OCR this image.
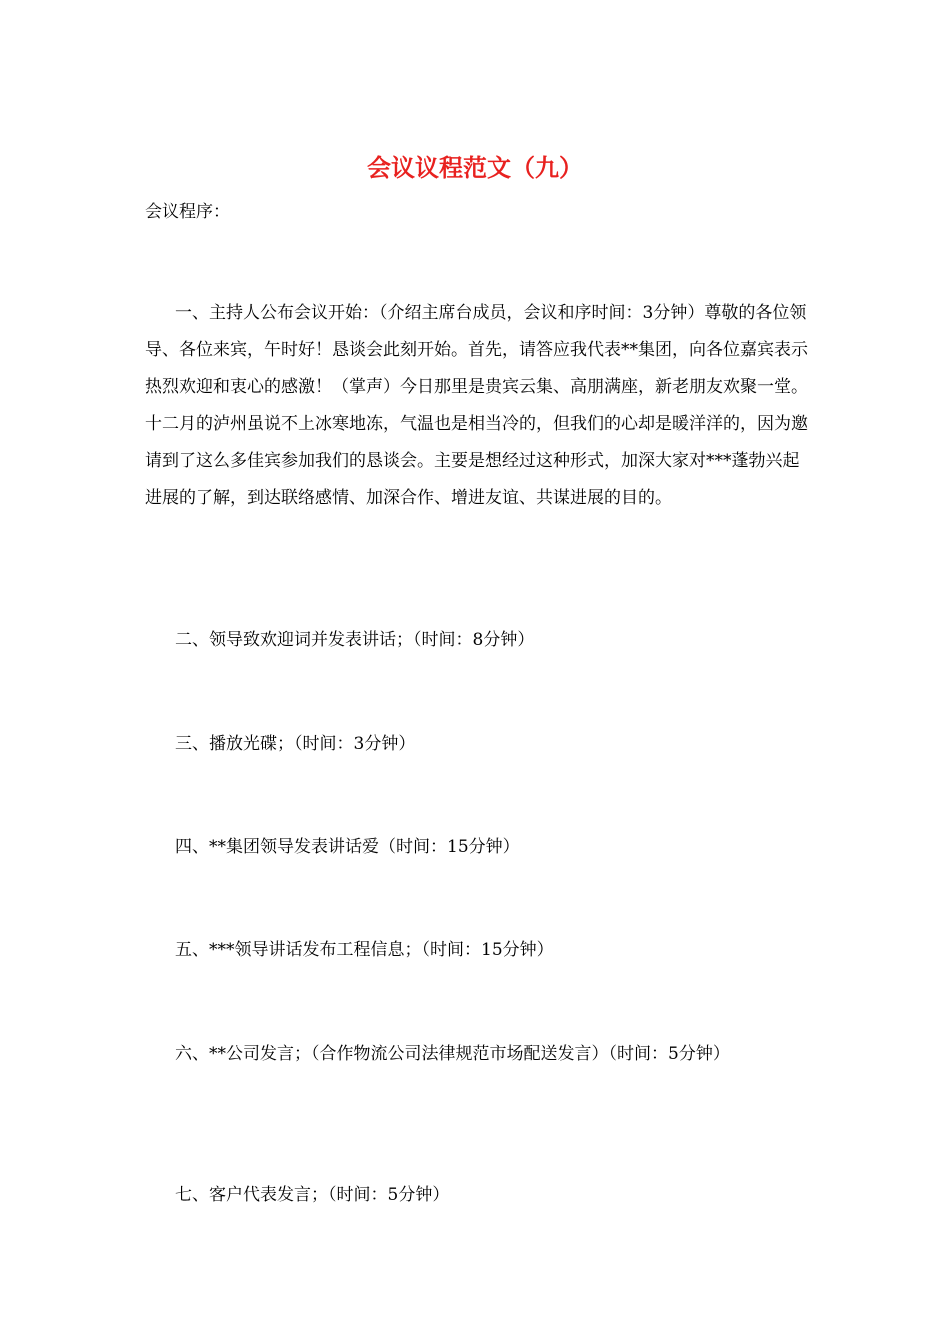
会议议程范文（九）
会议程序：
一、主持人公布会议开始：（介绍主席台成员，会议和序时间：3分钟）尊敬的各位领导、各位来宾，午时好！恳谈会此刻开始。首先，请答应我代表**集团，向各位嘉宾表示热烈欢迎和衷心的感激！（掌声）今日那里是贵宾云集、高朋满座，新老朋友欢聚一堂。十二月的泸州虽说不上冰寒地冻，气温也是相当冷的，但我们的心却是暖洋洋的，因为邀请到了这么多佳宾参加我们的恳谈会。主要是想经过这种形式，加深大家对***蓬勃兴起进展的了解，到达联络感情、加深合作、增进友谊、共谋进展的目的。
二、领导致欢迎词并发表讲话；（时间：8分钟）
三、播放光碟；（时间：3分钟）
四、**集团领导发表讲话爱（时间：15分钟）
五、***领导讲话发布工程信息；（时间：15分钟）
六、**公司发言；（合作物流公司法律规范市场配送发言）（时间：5分钟）
七、客户代表发言；（时间：5分钟）
